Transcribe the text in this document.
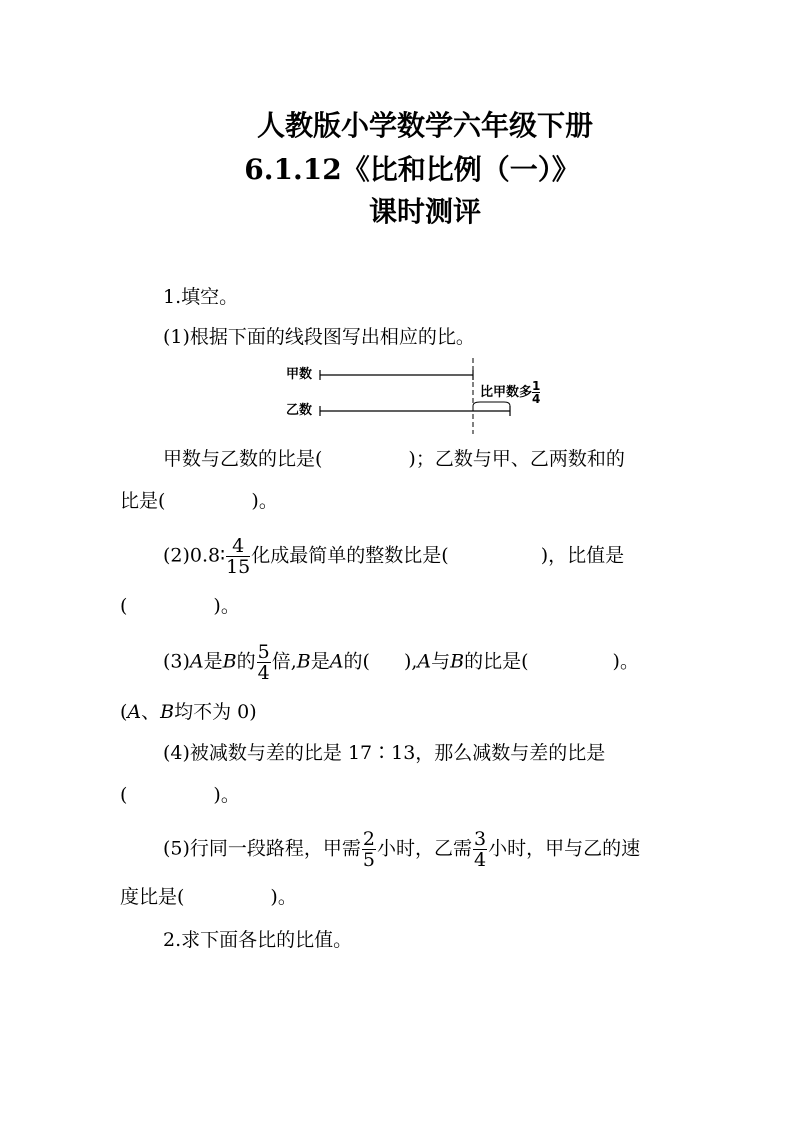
人教版小学数学六年级下册
6.1.12《比和比例（一）》
课时测评
1.填空。
(1)根据下面的线段图写出相应的比。
甲数
乙数
比甲数多 $\frac{1}{4}$
甲数与乙数的比是(	)；乙数与甲、乙两数和的
比是(	)。
(2)0.8∶ $\frac{4}{15}$ 化成最简单的整数比是(	)，比值是
(	)。
(3)A是B的 $\frac{5}{4}$ 倍,B是A的( ),A与B的比是(	)。
(A、B均不为 0)
(4)被减数与差的比是 17∶13，那么减数与差的比是
(	)。
(5)行同一段路程，甲需 $\frac{2}{5}$ 小时，乙需 $\frac{3}{4}$ 小时，甲与乙的速
度比是(	)。
2.求下面各比的比值。
